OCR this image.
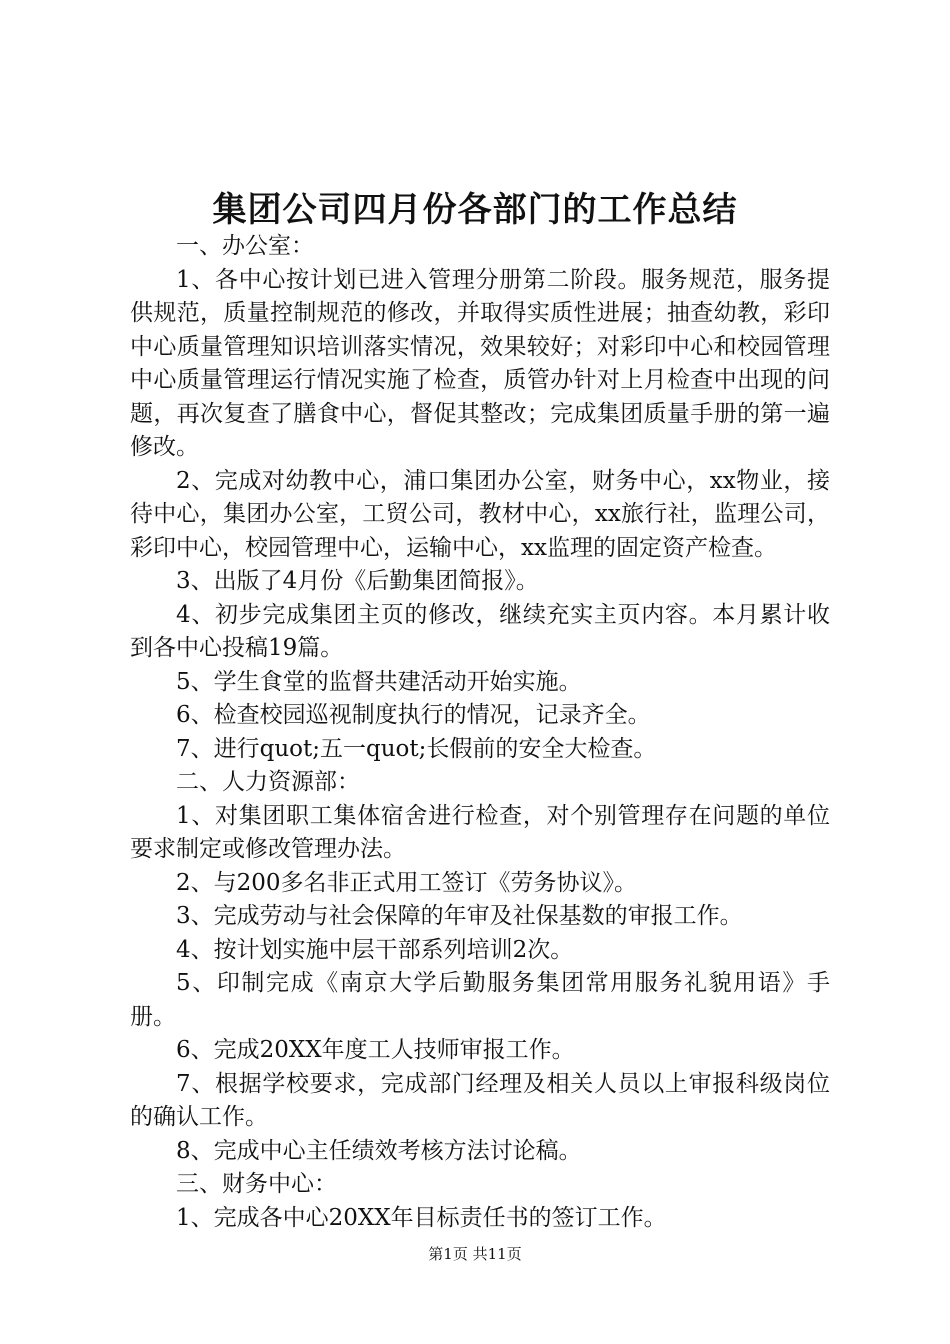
集团公司四月份各部门的工作总结

一、办公室：

1、各中心按计划已进入管理分册第二阶段。服务规范，服务提供规范，质量控制规范的修改，并取得实质性进展；抽查幼教，彩印中心质量管理知识培训落实情况，效果较好；对彩印中心和校园管理中心质量管理运行情况实施了检查，质管办针对上月检查中出现的问题，再次复查了膳食中心，督促其整改；完成集团质量手册的第一遍修改。

2、完成对幼教中心，浦口集团办公室，财务中心，xx物业，接待中心，集团办公室，工贸公司，教材中心，xx旅行社，监理公司，彩印中心，校园管理中心，运输中心，xx监理的固定资产检查。

3、出版了4月份《后勤集团简报》。

4、初步完成集团主页的修改，继续充实主页内容。本月累计收到各中心投稿19篇。

5、学生食堂的监督共建活动开始实施。

6、检查校园巡视制度执行的情况，记录齐全。

7、进行quot;五一quot;长假前的安全大检查。

二、人力资源部：

1、对集团职工集体宿舍进行检查，对个别管理存在问题的单位要求制定或修改管理办法。

2、与200多名非正式用工签订《劳务协议》。

3、完成劳动与社会保障的年审及社保基数的审报工作。

4、按计划实施中层干部系列培训2次。

5、印制完成《南京大学后勤服务集团常用服务礼貌用语》手册。

6、完成20XX年度工人技师审报工作。

7、根据学校要求，完成部门经理及相关人员以上审报科级岗位的确认工作。

8、完成中心主任绩效考核方法讨论稿。

三、财务中心：

1、完成各中心20XX年目标责任书的签订工作。

第1页 共11页
